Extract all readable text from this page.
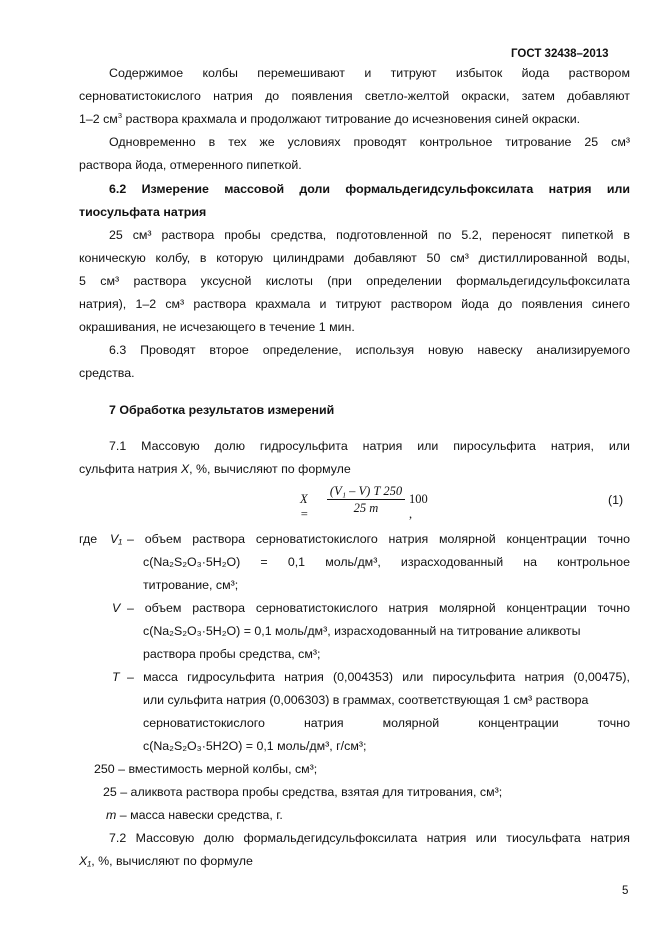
ГОСТ 32438–2013
Содержимое колбы перемешивают и титруют избыток йода раствором
серноватистокислого натрия до появления светло-желтой окраски, затем добавляют
1–2 $см^3$ раствора крахмала и продолжают титрование до исчезновения синей окраски.
Одновременно в тех же условиях проводят контрольное титрование 25 см³
раствора йода, отмеренного пипеткой.
6.2 Измерение массовой доли формальдегидсульфоксилата натрия или
тиосульфата натрия
25 см³ раствора пробы средства, подготовленной по 5.2, переносят пипеткой в
коническую колбу, в которую цилиндрами добавляют 50 см³ дистиллированной воды,
5 см³ раствора уксусной кислоты (при определении формальдегидсульфоксилата
натрия), 1–2 см³ раствора крахмала и титруют раствором йода до появления синего
окрашивания, не исчезающего в течение 1 мин.
6.3 Проводят второе определение, используя новую навеску анализируемого
средства.
7 Обработка результатов измерений
7.1 Массовую долю гидросульфита натрия или пиросульфита натрия, или
сульфита натрия X, %, вычисляют по формуле
$X = \frac{\text{(V₁ – V) T 250}}{25 m} 100$ ,
(1)
где V₁ – объем раствора серноватистокислого натрия молярной концентрации точно
c(Na₂S₂O₃·5H₂O) = 0,1 моль/дм³, израсходованный на контрольное
титрование, см³;
V – объем раствора серноватистокислого натрия молярной концентрации точно
c(Na₂S₂O₃·5H₂O) = 0,1 моль/дм³, израсходованный на титрование аликвоты
раствора пробы средства, см³;
T – масса гидросульфита натрия (0,004353) или пиросульфита натрия (0,00475),
или сульфита натрия (0,006303) в граммах, соответствующая 1 см³ раствора
серноватистокислого	натрия	молярной	концентрации	точно
c(Na₂S₂O₃·5H2O) = 0,1 моль/дм³, г/см³;
250 – вместимость мерной колбы, см³;
25 – аликвота раствора пробы средства, взятая для титрования, см³;
m – масса навески средства, г.
7.2 Массовую долю формальдегидсульфоксилата натрия или тиосульфата натрия
X₁, %, вычисляют по формуле
5
